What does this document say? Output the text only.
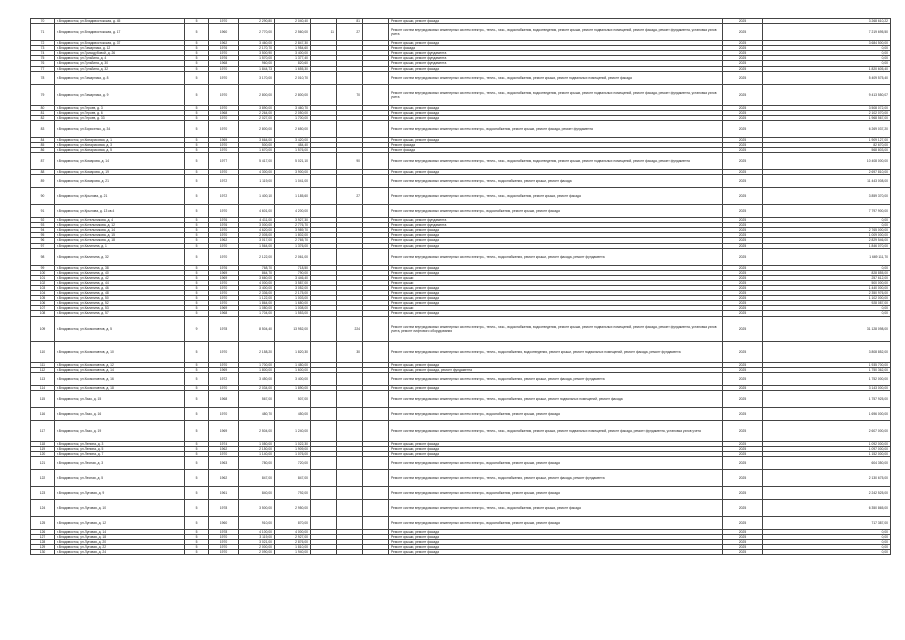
70	г.Владивосток, ул.Владивостокская, д. 45	5	1970	2 290,80	2 040,40		81		Ремонт крыши, ремонт фасада	2025	3 268 610,22
71	г.Владивосток, ул.Владивостокская, д. 17	5	1960	2 770,00	2 560,00	11	27		Ремонт систем внутридомовых инженерных систем электро-, тепло-, газо-, водоснабжения, водоотведения, ремонт крыши, ремонт подвальных помещений, ремонт фасада, ремонт фундамента, установка узлов учета	2025	7 219 695,50
72	г.Владивосток, ул.Владивостокская, д. 37	5	1962	3 460,00	2 847,30				Ремонт крыши, ремонт фасада	2025	3 684 500,00
73	г.Владивосток, ул.Гамарника, д. 12	5	1976	2 170,70	1 954,60				Ремонт фасада	2025	0,00
74	г.Владивосток, ул.Гризодубовой, д. 26	5	1970	3 500,90	3 400,00				Ремонт крыши, ремонт фундамента	2025	0,00
75	г.Владивосток, ул.Гульбина, д. 4	5	1976	1 570,00	1 377,40				Ремонт крыши, ремонт фундамента	2025	0,00
76	г.Владивосток, ул.Гульбина, д. 30	5	1968	960,00	820,60				Ремонт крыши, ремонт фундамента	2025	0,00
77	г.Владивосток, ул.Гульбина, д. 32	5	1970	1 844,73	1 655,30				Ремонт крыши, ремонт фасада	2025	1 820 605,40
78	г.Владивосток, ул.Гамарника, д. 8	5	1970	3 170,00	2 010,70				Ремонт систем внутридомовых инженерных систем электро-, тепло-, газо-, водоснабжения, ремонт крыши, ремонт подвальных помещений, ремонт фасада	2025	5 409 575,40
79	г.Владивосток, ул.Гамарника, д. 9	5	1970	2 800,00	2 800,00		70		Ремонт систем внутридомовых инженерных систем электро-, тепло-, газо-, водоснабжения, водоотведения, ремонт крыши, ремонт подвальных помещений, ремонт фасада, ремонт фундамента, установка узлов учета	2025	9 413 550,07
80	г.Владивосток, ул.Героев, д. 3	5	1970	3 890,00	3 460,70				Ремонт крыши, ремонт фасада	2025	3 508 072,00
81	г.Владивосток, ул.Героев, д. 6	5	1968	2 264,00	2 050,00				Ремонт крыши, ремонт фасада	2025	2 102 070,00
82	г.Владивосток, ул.Героев, д. 33	5	1970	2 027,00	1 700,00				Ремонт крыши, ремонт фасада	2025	1 968 567,00
83	г.Владивосток, ул.Борисенко, д. 34	5	1970	2 800,00	2 650,00				Ремонт систем внутридомовых инженерных систем электро-, водоснабжения, ремонт крыши, ремонт фасада, ремонт фундамента	2025	6 269 037,20
84	г.Владивосток, ул.Кипарисовая, д. 1	5	1969	3 664,00	3 420,00				Ремонт крыши, ремонт фасада	2025	1 909 127,00
85	г.Владивосток, ул.Кипарисовая, д. 3	5	1970	500,00	484,40				Ремонт фасада	2025	82 670,00
86	г.Владивосток, ул.Кипарисовая, д. 5	5	1970	1 670,00	1 576,00				Ремонт фасада	2025	568 803,00
87	г.Владивосток, ул.Комарова, д. 14	5	1977	5 417,00	5 021,10		90		Ремонт систем внутридомовых инженерных систем электро-, тепло-, газо-, водоснабжения, водоотведения, ремонт крыши, ремонт подвальных помещений, ремонт фасада, ремонт фундамента	2025	10 408 000,00
88	г.Владивосток, ул.Комарова, д. 19	5	1970	4 300,00	3 900,00				Ремонт крыши, ремонт фасада	2025	2 697 810,00
89	г.Владивосток, ул.Комарова, д. 21	5	1972	1 119,00	1 041,00				Ремонт систем внутридомовых инженерных систем электро-, тепло-, водоснабжения, ремонт крыши, ремонт фасада	2025	11 443 008,00
90	г.Владивосток, ул.Крылова, д. 21	5	1972	1 400,10	1 185,60		27		Ремонт систем внутридомовых инженерных систем электро-, тепло-, газо-, водоснабжения, ремонт крыши, ремонт фасада	2025	3 859 370,00
91	г.Владивосток, ул.Крылова, д. 13 кв.4	5	1970	4 601,00	4 200,00				Ремонт систем внутридомовых инженерных систем электро-, водоснабжения, ремонт крыши, ремонт фасада	2025	7 797 900,00
92	г.Владивосток, ул.Котельникова, д. 4	5	1976	4 411,00	3 927,30				Ремонт крыши, ремонт фундамента	2025	0,00
93	г.Владивосток, ул.Котельникова, д. 12	5	1976	3 000,00	2 776,70				Ремонт крыши, ремонт фундамента	2025	0,00
94	г.Владивосток, ул.Котельникова, д. 14	5	1970	4 620,00	3 989,70				Ремонт крыши, ремонт фасада	2025	2 765 000,00
95	г.Владивосток, ул.Котельникова, д. 15	5	1970	2 005,00	1 802,00				Ремонт крыши, ремонт фасада	2025	1 009 000,00
96	г.Владивосток, ул.Котельникова, д. 18	5	1962	3 017,00	2 765,70				Ремонт крыши, ремонт фасада	2025	2 829 546,00
97	г.Владивосток, ул.Калинина, д. 1	5	1970	1 564,00	1 376,00				Ремонт крыши, ремонт фасада	2025	1 846 070,00
98	г.Владивосток, ул.Калинина, д. 32	5	1970	2 122,00	2 061,00				Ремонт систем внутридомовых инженерных систем электро-, тепло-, водоснабжения, ремонт крыши, ремонт фасада, ремонт фундамента	2025	1 669 111,70
99	г.Владивосток, ул.Калинина, д. 38	5	1976	768,70	718,50				Ремонт крыши, ремонт фасада	2025	0,00
100	г.Владивосток, ул.Калинина, д. 40	5	1969	864,70	790,00				Ремонт крыши, ремонт фасада	2025	828 855,00
101	г.Владивосток, ул.Калинина, д. 42	5	1969	3 660,00	3 446,40				Ремонт крыши	2025	257 612,00
102	г.Владивосток, ул.Калинина, д. 44	5	1970	4 000,00	3 587,00				Ремонт крыши	2025	500 000,00
103	г.Владивосток, ул.Калинина, д. 46	5	1970	3 400,00	3 052,00				Ремонт крыши, ремонт фасада	2025	1 440 000,00
104	г.Владивосток, ул.Калинина, д. 48	5	1970	2 336,00	2 175,00				Ремонт крыши, ремонт фасада	2025	2 350 976,00
105	г.Владивосток, ул.Калинина, д. 50	5	1970	1 122,00	1 003,00				Ремонт крыши, ремонт фасада	2025	1 102 000,00
106	г.Владивосток, ул.Калинина, д. 52	5	1970	1 864,00	1 680,00				Ремонт крыши, ремонт фасада	2025	928 087,00
107	г.Владивосток, ул.Калинина, д. 53	5	1969	1 080,00	1 008,00				Ремонт крыши	2025	0,00
108	г.Владивосток, ул.Калинина, д. 57	5	1968	1 704,00	1 553,00				Ремонт крыши, ремонт фасада	2025	0,00
109	г.Владивосток, ул.Космонавтов, д. 5	9	1978	8 504,40	13 952,00		224		Ремонт систем внутридомовых инженерных систем электро-, тепло-, газо-, водоснабжения, водоотведения, ремонт крыши, ремонт подвальных помещений, ремонт фасада, ремонт фундамента, установка узлов учета, ремонт лифтового оборудования	2025	31 128 098,00
110	г.Владивосток, ул.Космонавтов, д. 10	5	1970	2 158,20	1 820,30		30		Ремонт систем внутридомовых инженерных систем электро-, тепло-, водоснабжения, водоотведения, ремонт крыши, ремонт подвальных помещений, ремонт фасада, ремонт фундамента	2025	3 808 852,00
111	г.Владивосток, ул.Космонавтов, д. 12	5	1970	1 700,00	1 480,00				Ремонт крыши, ремонт фасада	2025	1 935 700,00
112	г.Владивосток, ул.Космонавтов, д. 14	5	1969	1 800,00	1 600,00				Ремонт крыши, ремонт фасада, ремонт фундамента	2025	1 750 362,00
113	г.Владивосток, ул.Космонавтов, д. 16	5	1972	3 450,00	3 400,00				Ремонт систем внутридомовых инженерных систем электро-, тепло-, водоснабжения, ремонт крыши, ремонт фасада, ремонт фундамента	2025	1 752 000,00
114	г.Владивосток, ул.Космонавтов, д. 18	5	1970	2 034,00	1 890,00				Ремонт крыши, ремонт фасада	2025	3 143 000,00
115	г.Владивосток, ул.Лазо, д. 15	5	1968	567,00	507,00				Ремонт систем внутридомовых инженерных систем электро-, тепло-, водоснабжения, ремонт крыши, ремонт подвальных помещений, ремонт фасада	2025	1 757 925,00
116	г.Владивосток, ул.Лазо, д. 16	5	1970	480,70	450,00				Ремонт систем внутридомовых инженерных систем электро-, водоснабжения, ремонт крыши, ремонт фасада	2025	1 696 000,00
117	г.Владивосток, ул.Лазо, д. 19	5	1969	2 504,00	1 240,00				Ремонт систем внутридомовых инженерных систем электро-, тепло-, газо-, водоснабжения, ремонт крыши, ремонт подвальных помещений, ремонт фасада, ремонт фундамента, установка узлов учета	2025	2 607 000,00
118	г.Владивосток, ул.Ленина, д. 3	5	1974	1 080,00	1 022,30				Ремонт крыши, ремонт фасада	2025	1 092 000,00
119	г.Владивосток, ул.Ленина, д. 5	5	1962	2 150,00	1 909,00				Ремонт крыши, ремонт фасада	2025	1 097 000,00
120	г.Владивосток, ул.Ленина, д. 7	5	1970	1 140,00	1 076,00				Ремонт крыши, ремонт фасада	2025	1 152 000,00
121	г.Владивосток, ул.Лесная, д. 3	5	1963	780,00	720,00				Ремонт систем внутридомовых инженерных систем электро-, водоснабжения, ремонт крыши, ремонт фасада	2025	604 350,00
122	г.Владивосток, ул.Лесная, д. 5	5	1962	847,00	847,00				Ремонт систем внутридомовых инженерных систем электро-, тепло-, водоснабжения, ремонт крыши, ремонт фасада, ремонт фундамента	2025	2 130 675,00
123	г.Владивосток, ул.Луговая, д. 9	5	1961	840,00	792,00				Ремонт систем внутридомовых инженерных систем электро-, водоснабжения, ремонт крыши, ремонт фасада	2025	2 242 525,00
124	г.Владивосток, ул.Луговая, д. 10	5	1978	3 500,00	2 950,00				Ремонт систем внутридомовых инженерных систем электро-, тепло-, газо-, водоснабжения, ремонт крыши, ремонт фасада	2025	6 350 865,00
125	г.Владивосток, ул.Луговая, д. 12	5	1960	910,00	870,00				Ремонт систем внутридомовых инженерных систем электро-, водоснабжения, ремонт крыши, ремонт фасада	2025	717 387,00
126	г.Владивосток, ул.Луговая, д. 14	5	1978	4 100,00	4 000,00				Ремонт крыши, ремонт фасада	2025	0,00
127	г.Владивосток, ул.Луговая, д. 18	5	1970	3 119,00	2 927,00				Ремонт крыши, ремонт фасада	2025	0,00
128	г.Владивосток, ул.Луговая, д. 20	5	1970	3 021,00	2 876,00				Ремонт крыши, ремонт фасада	2025	0,00
129	г.Владивосток, ул.Луговая, д. 22	5	1970	2 000,00	1 810,00				Ремонт крыши, ремонт фасада	2025	0,00
130	г.Владивосток, ул.Луговая, д. 24	5	1970	2 090,00	1 940,00				Ремонт крыши, ремонт фасада	2025	0,00
